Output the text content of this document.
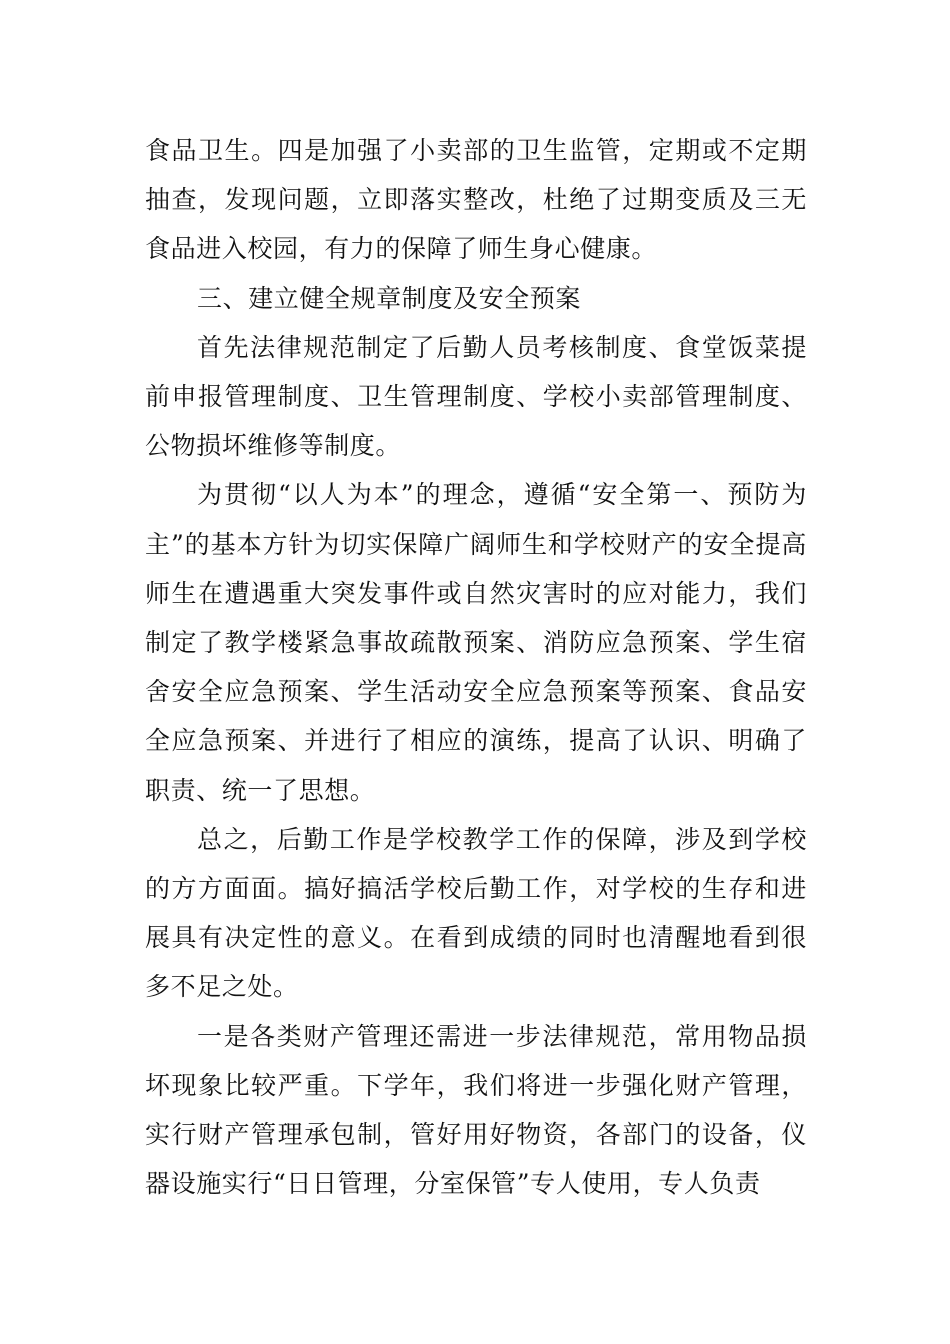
食品卫生。四是加强了小卖部的卫生监管，定期或不定期抽查，发现问题，立即落实整改，杜绝了过期变质及三无食品进入校园，有力的保障了师生身心健康。

三、建立健全规章制度及安全预案

首先法律规范制定了后勤人员考核制度、食堂饭菜提前申报管理制度、卫生管理制度、学校小卖部管理制度、公物损坏维修等制度。

为贯彻“以人为本”的理念，遵循“安全第一、预防为主”的基本方针为切实保障广阔师生和学校财产的安全提高师生在遭遇重大突发事件或自然灾害时的应对能力，我们制定了教学楼紧急事故疏散预案、消防应急预案、学生宿舍安全应急预案、学生活动安全应急预案等预案、食品安全应急预案、并进行了相应的演练，提高了认识、明确了职责、统一了思想。

总之，后勤工作是学校教学工作的保障，涉及到学校的方方面面。搞好搞活学校后勤工作，对学校的生存和进展具有决定性的意义。在看到成绩的同时也清醒地看到很多不足之处。

一是各类财产管理还需进一步法律规范，常用物品损坏现象比较严重。下学年，我们将进一步强化财产管理，实行财产管理承包制，管好用好物资，各部门的设备，仪器设施实行“日日管理，分室保管”专人使用，专人负责
